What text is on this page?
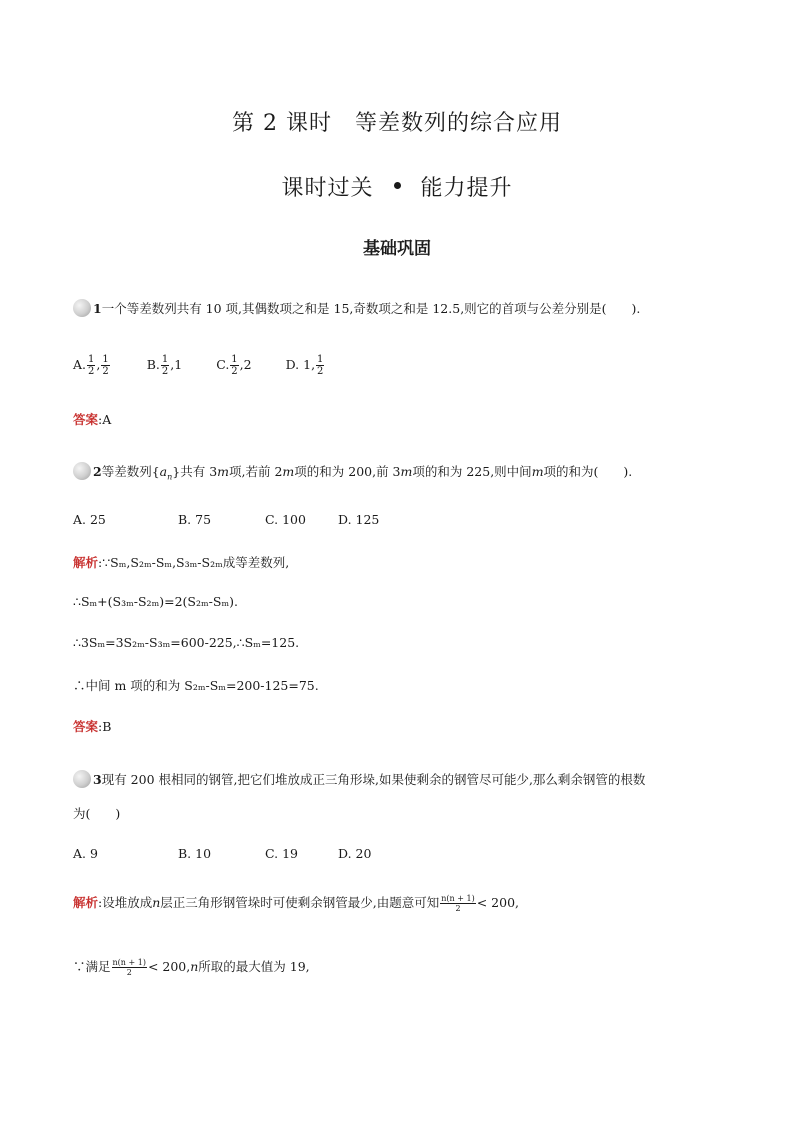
第 2 课时　等差数列的综合应用
课时过关 能力提升
基础巩固
1一个等差数列共有 10 项,其偶数项之和是 15,奇数项之和是 12.5,则它的首项与公差分别是(　　).
A. $\frac{1}{2}$ , $\frac{1}{2}$	B. $\frac{1}{2} ,1$	C. $\frac{1}{2} ,2$	D. 1, $\frac{1}{2}$
答案:A
2等差数列$\{a_n\}$共有 3m项,若前 2m项的和为 200,前 3m项的和为 225,则中间m项的和为(　　).
A. 25	B. 75	C. 100	D. 125
解析:∵Sₘ,S₂ₘ-Sₘ,S₃ₘ-S₂ₘ成等差数列,
∴Sₘ+(S₃ₘ-S₂ₘ)=2(S₂ₘ-Sₘ).
∴3Sₘ=3S₂ₘ-S₃ₘ=600-225,∴Sₘ=125.
∴中间 m 项的和为 S₂ₘ-Sₘ=200-125=75.
答案:B
3现有 200 根相同的钢管,把它们堆放成正三角形垛,如果使剩余的钢管尽可能少,那么剩余钢管的根数
为(　　)
A. 9	B. 10	C. 19	D. 20
解析:设堆放成n层正三角形钢管垛时可使剩余钢管最少,由题意可知 $\frac{n(n + 1)}{2} < 200$,
∵满足 $\frac{n(n + 1)}{2} < 200,n$所取的最大值为 19,
